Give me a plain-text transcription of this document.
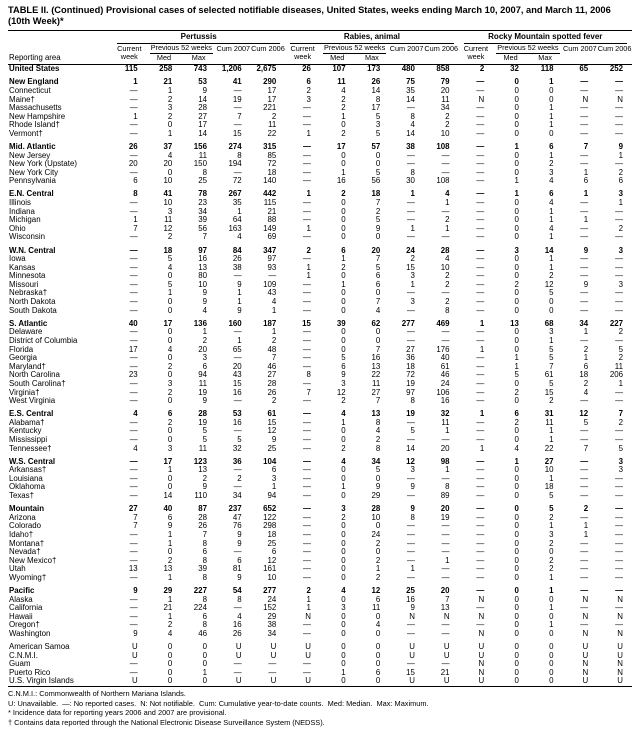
TABLE II. (Continued) Provisional cases of selected notifiable diseases, United States, weeks ending March 10, 2007, and March 11, 2006 (10th Week)*
Reporting area	Pertussis					Rabies, animal					Rocky Mountain spotted fever				

	Current week	Previous 52 weeks		Cum 2007	Cum 2006	Current week	Previous 52 weeks		Cum 2007	Cum 2006	Current week	Previous 52 weeks		Cum 2007	Cum 2006
		Med	Max				Med	Max				Med	Max		
United States	115	258	743	1,206	2,675	26	107	173	480	858	2	32	118	65	252

New England	1	21	53	41	290	6	11	26	75	79	—	0	1	—	—
Connecticut	—	1	9	—	17	2	4	14	35	20	—	0	0	—	—
Maine†	—	2	14	19	17	3	2	8	14	11	N	0	0	N	N
Massachusetts	—	3	28	—	221	—	2	17	—	34	—	0	1	—	—
New Hampshire	1	2	27	7	2	—	1	5	8	2	—	0	1	—	—
Rhode Island†	—	0	17	—	11	—	0	3	4	2	—	0	1	—	—
Vermont†	—	1	14	15	22	1	2	5	14	10	—	0	0	—	—

Mid. Atlantic	26	37	156	274	315	—	17	57	38	108	—	1	6	7	9
New Jersey	—	4	11	8	85	—	0	0	—	—	—	0	1	—	1
New York (Upstate)	20	20	150	194	72	—	0	0	—	—	—	0	2	—	—
New York City	—	0	8	—	18	—	1	5	8	—	—	0	3	1	2
Pennsylvania	6	10	25	72	140	—	16	56	30	108	—	1	4	6	6

E.N. Central	8	41	78	267	442	1	2	18	1	4	—	1	6	1	3
Illinois	—	10	23	35	115	—	0	7	—	1	—	0	4	—	1
Indiana	—	3	34	1	21	—	0	2	—	—	—	0	1	—	—
Michigan	1	11	39	64	88	—	0	5	—	2	—	0	1	1	—
Ohio	7	12	56	163	149	1	0	9	1	1	—	0	4	—	2
Wisconsin	—	2	7	4	69	—	0	0	—	—	—	0	1	—	—

W.N. Central	—	18	97	84	347	2	6	20	24	28	—	3	14	9	3
Iowa	—	5	16	26	97	—	1	7	2	4	—	0	1	—	—
Kansas	—	4	13	38	93	1	2	5	15	10	—	0	1	—	—
Minnesota	—	0	80	—	—	1	0	6	3	2	—	0	2	—	—
Missouri	—	5	10	9	109	—	1	6	1	2	—	2	12	9	3
Nebraska†	—	1	9	1	43	—	0	0	—	—	—	0	5	—	—
North Dakota	—	0	9	1	4	—	0	7	3	2	—	0	0	—	—
South Dakota	—	0	4	9	1	—	0	4	—	8	—	0	0	—	—

S. Atlantic	40	17	136	160	187	15	39	62	277	469	1	13	68	34	227
Delaware	—	0	1	—	1	—	0	0	—	—	—	0	3	1	2
District of Columbia	—	0	2	1	2	—	0	0	—	—	—	0	1	—	—
Florida	17	4	20	65	48	—	0	7	27	176	1	0	5	2	5
Georgia	—	0	3	—	7	—	5	16	36	40	—	1	5	1	2
Maryland†	—	2	6	20	46	—	6	13	18	61	—	1	7	6	11
North Carolina	23	0	94	43	27	8	9	22	72	46	—	5	61	18	206
South Carolina†	—	3	11	15	28	—	3	11	19	24	—	0	5	2	1
Virginia†	—	2	19	16	26	7	12	27	97	106	—	2	15	4	—
West Virginia	—	0	9	—	2	—	2	7	8	16	—	0	2	—	—

E.S. Central	4	6	28	53	61	—	4	13	19	32	1	6	31	12	7
Alabama†	—	2	19	16	15	—	1	8	—	11	—	2	11	5	2
Kentucky	—	0	5	—	12	—	0	4	5	1	—	0	1	—	—
Mississippi	—	0	5	5	9	—	0	2	—	—	—	0	1	—	—
Tennessee†	4	3	11	32	25	—	2	8	14	20	1	4	22	7	5

W.S. Central	—	17	123	36	104	—	4	34	12	98	—	1	27	—	3
Arkansas†	—	1	13	—	6	—	0	5	3	1	—	0	10	—	3
Louisiana	—	0	2	2	3	—	0	0	—	—	—	0	1	—	—
Oklahoma	—	0	9	—	1	—	1	9	9	8	—	0	18	—	—
Texas†	—	14	110	34	94	—	0	29	—	89	—	0	5	—	—

Mountain	27	40	87	237	652	—	3	28	9	20	—	0	5	2	—
Arizona	7	6	28	47	122	—	2	10	8	19	—	0	2	—	—
Colorado	7	9	26	76	298	—	0	0	—	—	—	0	1	1	—
Idaho†	—	1	7	9	18	—	0	24	—	—	—	0	3	1	—
Montana†	—	1	8	9	25	—	0	2	—	—	—	0	2	—	—
Nevada†	—	0	6	—	6	—	0	0	—	—	—	0	0	—	—
New Mexico†	—	2	8	6	12	—	0	2	—	1	—	0	2	—	—
Utah	13	13	39	81	161	—	0	1	1	—	—	0	2	—	—
Wyoming†	—	1	8	9	10	—	0	2	—	—	—	0	1	—	—

Pacific	9	29	227	54	277	2	4	12	25	20	—	0	1	—	—
Alaska	—	1	8	8	24	1	0	6	16	7	N	0	0	N	N
California	—	21	224	—	152	1	3	11	9	13	—	0	1	—	—
Hawaii	—	1	6	4	29	N	0	0	N	N	N	0	0	N	N
Oregon†	—	2	8	16	38	—	0	4	—	—	—	0	1	—	—
Washington	9	4	46	26	34	—	0	0	—	—	N	0	0	N	N

American Samoa	U	0	0	U	U	U	0	0	U	U	U	0	0	U	U
C.N.M.I.	U	0	0	U	U	U	0	0	U	U	U	0	0	U	U
Guam	—	0	0	—	—	—	0	0	—	—	N	0	0	N	N
Puerto Rico	—	0	1	—	—	—	1	6	15	21	N	0	0	N	N
U.S. Virgin Islands	U	0	0	U	U	U	0	0	U	U	U	0	0	U	U
C.N.M.I.: Commonwealth of Northern Mariana Islands.
U: Unavailable.  —: No reported cases.  N: Not notifiable.  Cum: Cumulative year-to-date counts.  Med: Median.  Max: Maximum.
* Incidence data for reporting years 2006 and 2007 are provisional.
† Contains data reported through the National Electronic Disease Surveillance System (NEDSS).
